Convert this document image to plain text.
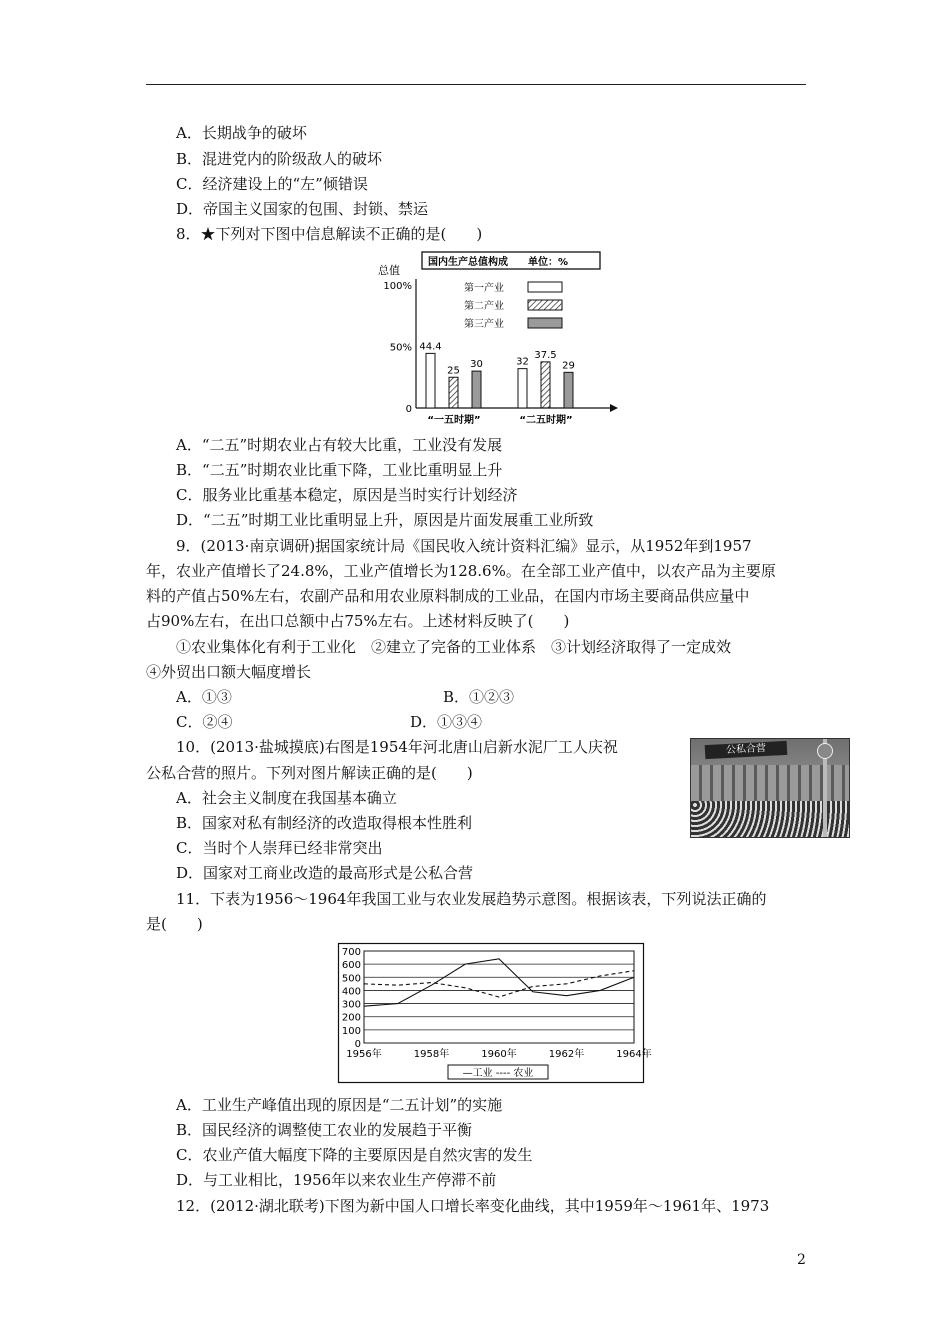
A．长期战争的破坏
B．混进党内的阶级敌人的破坏
C．经济建设上的“左”倾错误
D．帝国主义国家的包围、封锁、禁运
8．★下列对下图中信息解读不正确的是(　　)
总值
国内生产总值构成　　单位：%
100%
50%
0
第一产业
第二产业
第三产业
44.4
25
30
“一五时期”
32
37.5
29
“二五时期”
A．“二五”时期农业占有较大比重，工业没有发展
B．“二五”时期农业比重下降，工业比重明显上升
C．服务业比重基本稳定，原因是当时实行计划经济
D．“二五”时期工业比重明显上升，原因是片面发展重工业所致
9．(2013·南京调研)据国家统计局《国民收入统计资料汇编》显示，从1952年到1957
年，农业产值增长了24.8%，工业产值增长为128.6%。在全部工业产值中，以农产品为主要原
料的产值占50%左右，农副产品和用农业原料制成的工业品，在国内市场主要商品供应量中
占90%左右，在出口总额中占75%左右。上述材料反映了(　　)
①农业集体化有利于工业化　②建立了完备的工业体系　③计划经济取得了一定成效
④外贸出口额大幅度增长
A．①③	B．①②③
C．②④	D．①③④
10．(2013·盐城摸底)右图是1954年河北唐山启新水泥厂工人庆祝
公私合营的照片。下列对图片解读正确的是(　　)
公私合营
A．社会主义制度在我国基本确立
B．国家对私有制经济的改造取得根本性胜利
C．当时个人崇拜已经非常突出
D．国家对工商业改造的最高形式是公私合营
11．下表为1956～1964年我国工业与农业发展趋势示意图。根据该表，下列说法正确的
是(　　)
700
600
500
400
300
200
100
0
1956年	1958年	1960年	1962年	1964年
—工业 ---- 农业
A．工业生产峰值出现的原因是“二五计划”的实施
B．国民经济的调整使工农业的发展趋于平衡
C．农业产值大幅度下降的主要原因是自然灾害的发生
D．与工业相比，1956年以来农业生产停滞不前
12．(2012·湖北联考)下图为新中国人口增长率变化曲线，其中1959年～1961年、1973
2
